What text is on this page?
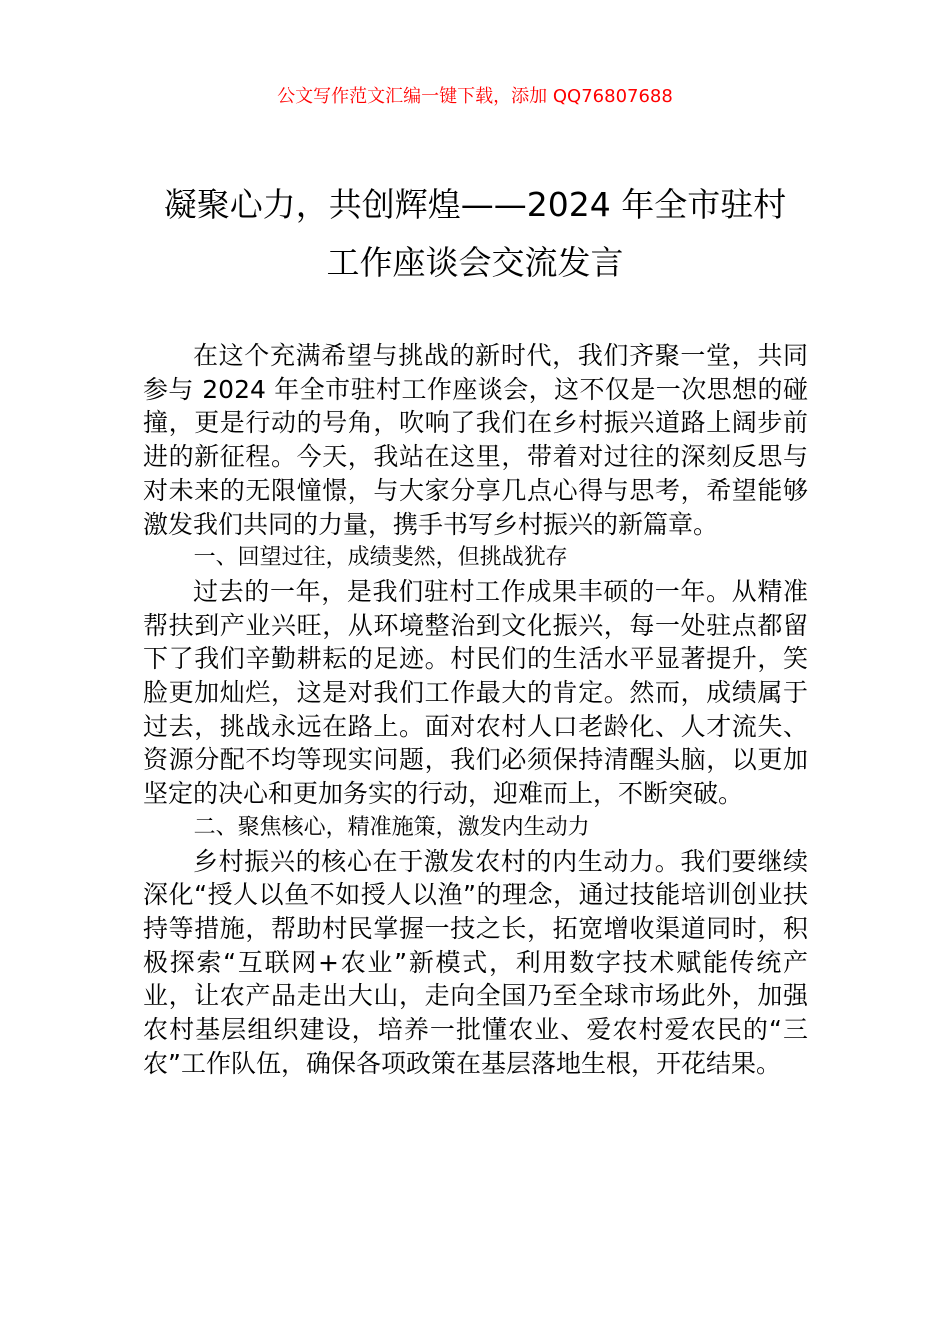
公文写作范文汇编一键下载，添加 QQ76807688
凝聚心力，共创辉煌——2024 年全市驻村
工作座谈会交流发言

在这个充满希望与挑战的新时代，我们齐聚一堂，共同参与 2024 年全市驻村工作座谈会，这不仅是一次思想的碰撞，更是行动的号角，吹响了我们在乡村振兴道路上阔步前进的新征程。今天，我站在这里，带着对过往的深刻反思与对未来的无限憧憬，与大家分享几点心得与思考，希望能够激发我们共同的力量，携手书写乡村振兴的新篇章。

一、回望过往，成绩斐然，但挑战犹存

过去的一年，是我们驻村工作成果丰硕的一年。从精准帮扶到产业兴旺，从环境整治到文化振兴，每一处驻点都留下了我们辛勤耕耘的足迹。村民们的生活水平显著提升，笑脸更加灿烂，这是对我们工作最大的肯定。然而，成绩属于过去，挑战永远在路上。面对农村人口老龄化、人才流失、资源分配不均等现实问题，我们必须保持清醒头脑，以更加坚定的决心和更加务实的行动，迎难而上，不断突破。

二、聚焦核心，精准施策，激发内生动力

乡村振兴的核心在于激发农村的内生动力。我们要继续深化“授人以鱼不如授人以渔”的理念，通过技能培训创业扶持等措施，帮助村民掌握一技之长，拓宽增收渠道同时，积极探索“互联网+农业”新模式，利用数字技术赋能传统产业，让农产品走出大山，走向全国乃至全球市场此外，加强农村基层组织建设，培养一批懂农业、爱农村爱农民的“三农”工作队伍，确保各项政策在基层落地生根，开花结果。
